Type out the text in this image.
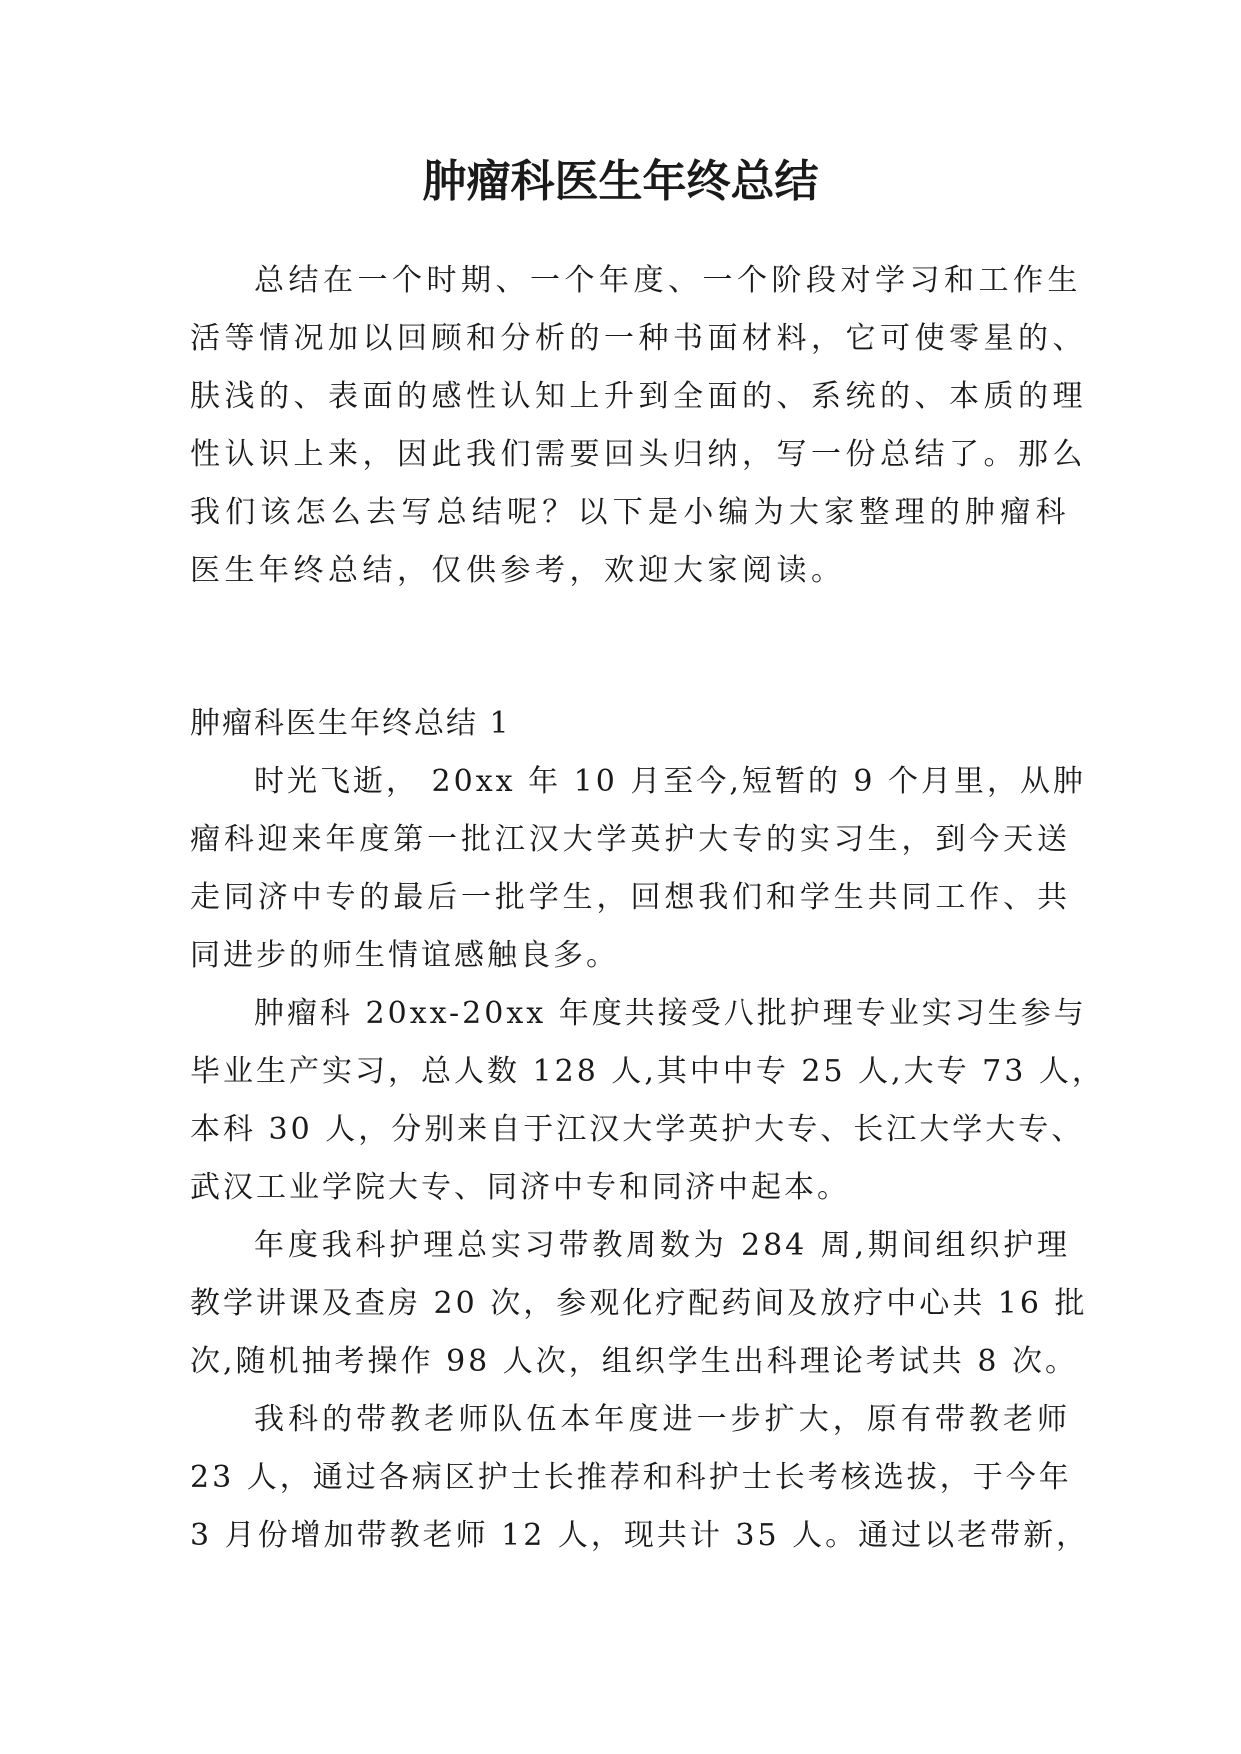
肿瘤科医生年终总结
总结在一个时期、一个年度、一个阶段对学习和工作生
活等情况加以回顾和分析的一种书面材料，它可使零星的、
肤浅的、表面的感性认知上升到全面的、系统的、本质的理
性认识上来，因此我们需要回头归纳，写一份总结了。那么
我们该怎么去写总结呢？以下是小编为大家整理的肿瘤科
医生年终总结，仅供参考，欢迎大家阅读。
肿瘤科医生年终总结 1
时光飞逝， 20xx 年 10 月至今,短暂的 9 个月里，从肿
瘤科迎来年度第一批江汉大学英护大专的实习生，到今天送
走同济中专的最后一批学生，回想我们和学生共同工作、共
同进步的师生情谊感触良多。
肿瘤科 20xx-20xx 年度共接受八批护理专业实习生参与
毕业生产实习，总人数 128 人,其中中专 25 人,大专 73 人，
本科 30 人，分别来自于江汉大学英护大专、长江大学大专、
武汉工业学院大专、同济中专和同济中起本。
年度我科护理总实习带教周数为 284 周,期间组织护理
教学讲课及查房 20 次，参观化疗配药间及放疗中心共 16 批
次,随机抽考操作 98 人次，组织学生出科理论考试共 8 次。
我科的带教老师队伍本年度进一步扩大，原有带教老师
23 人，通过各病区护士长推荐和科护士长考核选拔，于今年
3 月份增加带教老师 12 人，现共计 35 人。通过以老带新，
